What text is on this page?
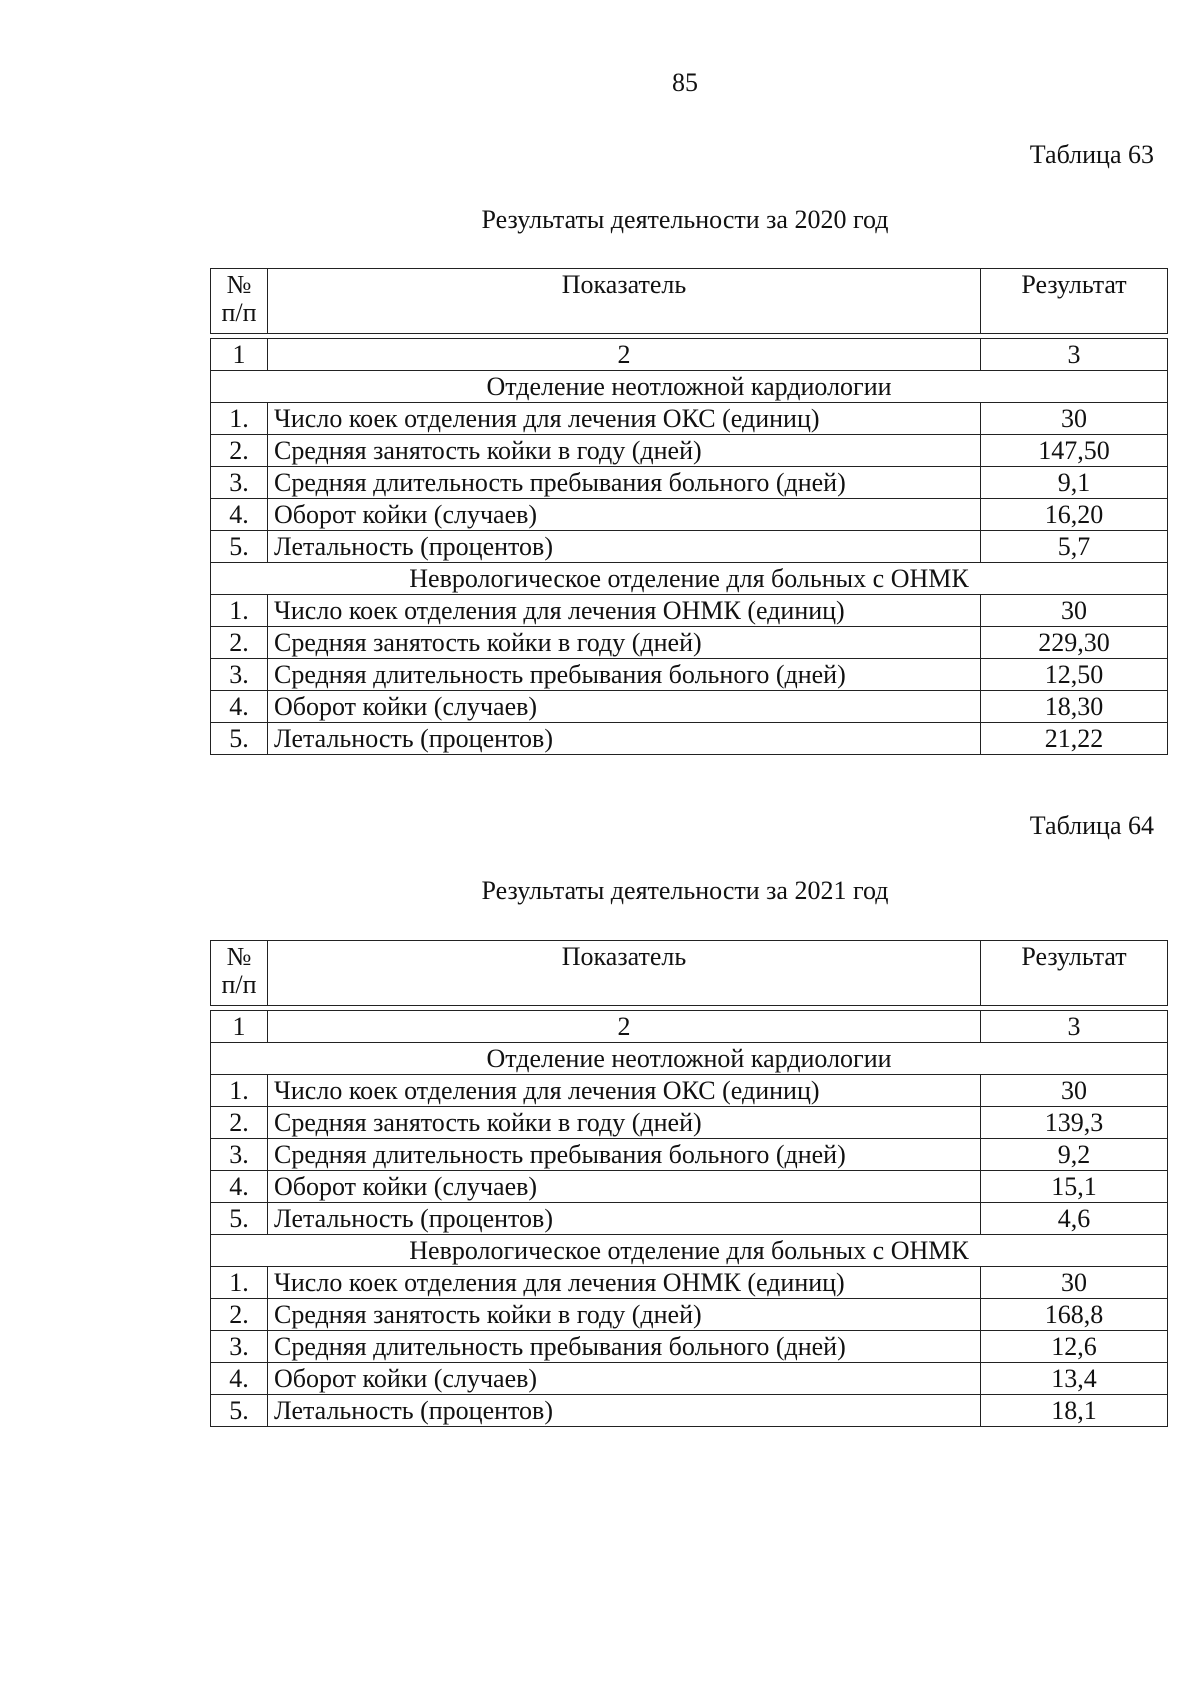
85
Таблица 63
Результаты деятельности за 2020 год
№
п/п	Показатель	Результат

1	2	3
Отделение неотложной кардиологии		
1.	Число коек отделения для лечения ОКС (единиц)	30
2.	Средняя занятость койки в году (дней)	147,50
3.	Средняя длительность пребывания больного (дней)	9,1
4.	Оборот койки (случаев)	16,20
5.	Летальность (процентов)	5,7
Неврологическое отделение для больных с ОНМК		
1.	Число коек отделения для лечения ОНМК (единиц)	30
2.	Средняя занятость койки в году (дней)	229,30
3.	Средняя длительность пребывания больного (дней)	12,50
4.	Оборот койки (случаев)	18,30
5.	Летальность (процентов)	21,22
Таблица 64
Результаты деятельности за 2021 год
№
п/п	Показатель	Результат

1	2	3
Отделение неотложной кардиологии		
1.	Число коек отделения для лечения ОКС (единиц)	30
2.	Средняя занятость койки в году (дней)	139,3
3.	Средняя длительность пребывания больного (дней)	9,2
4.	Оборот койки (случаев)	15,1
5.	Летальность (процентов)	4,6
Неврологическое отделение для больных с ОНМК		
1.	Число коек отделения для лечения ОНМК (единиц)	30
2.	Средняя занятость койки в году (дней)	168,8
3.	Средняя длительность пребывания больного (дней)	12,6
4.	Оборот койки (случаев)	13,4
5.	Летальность (процентов)	18,1
